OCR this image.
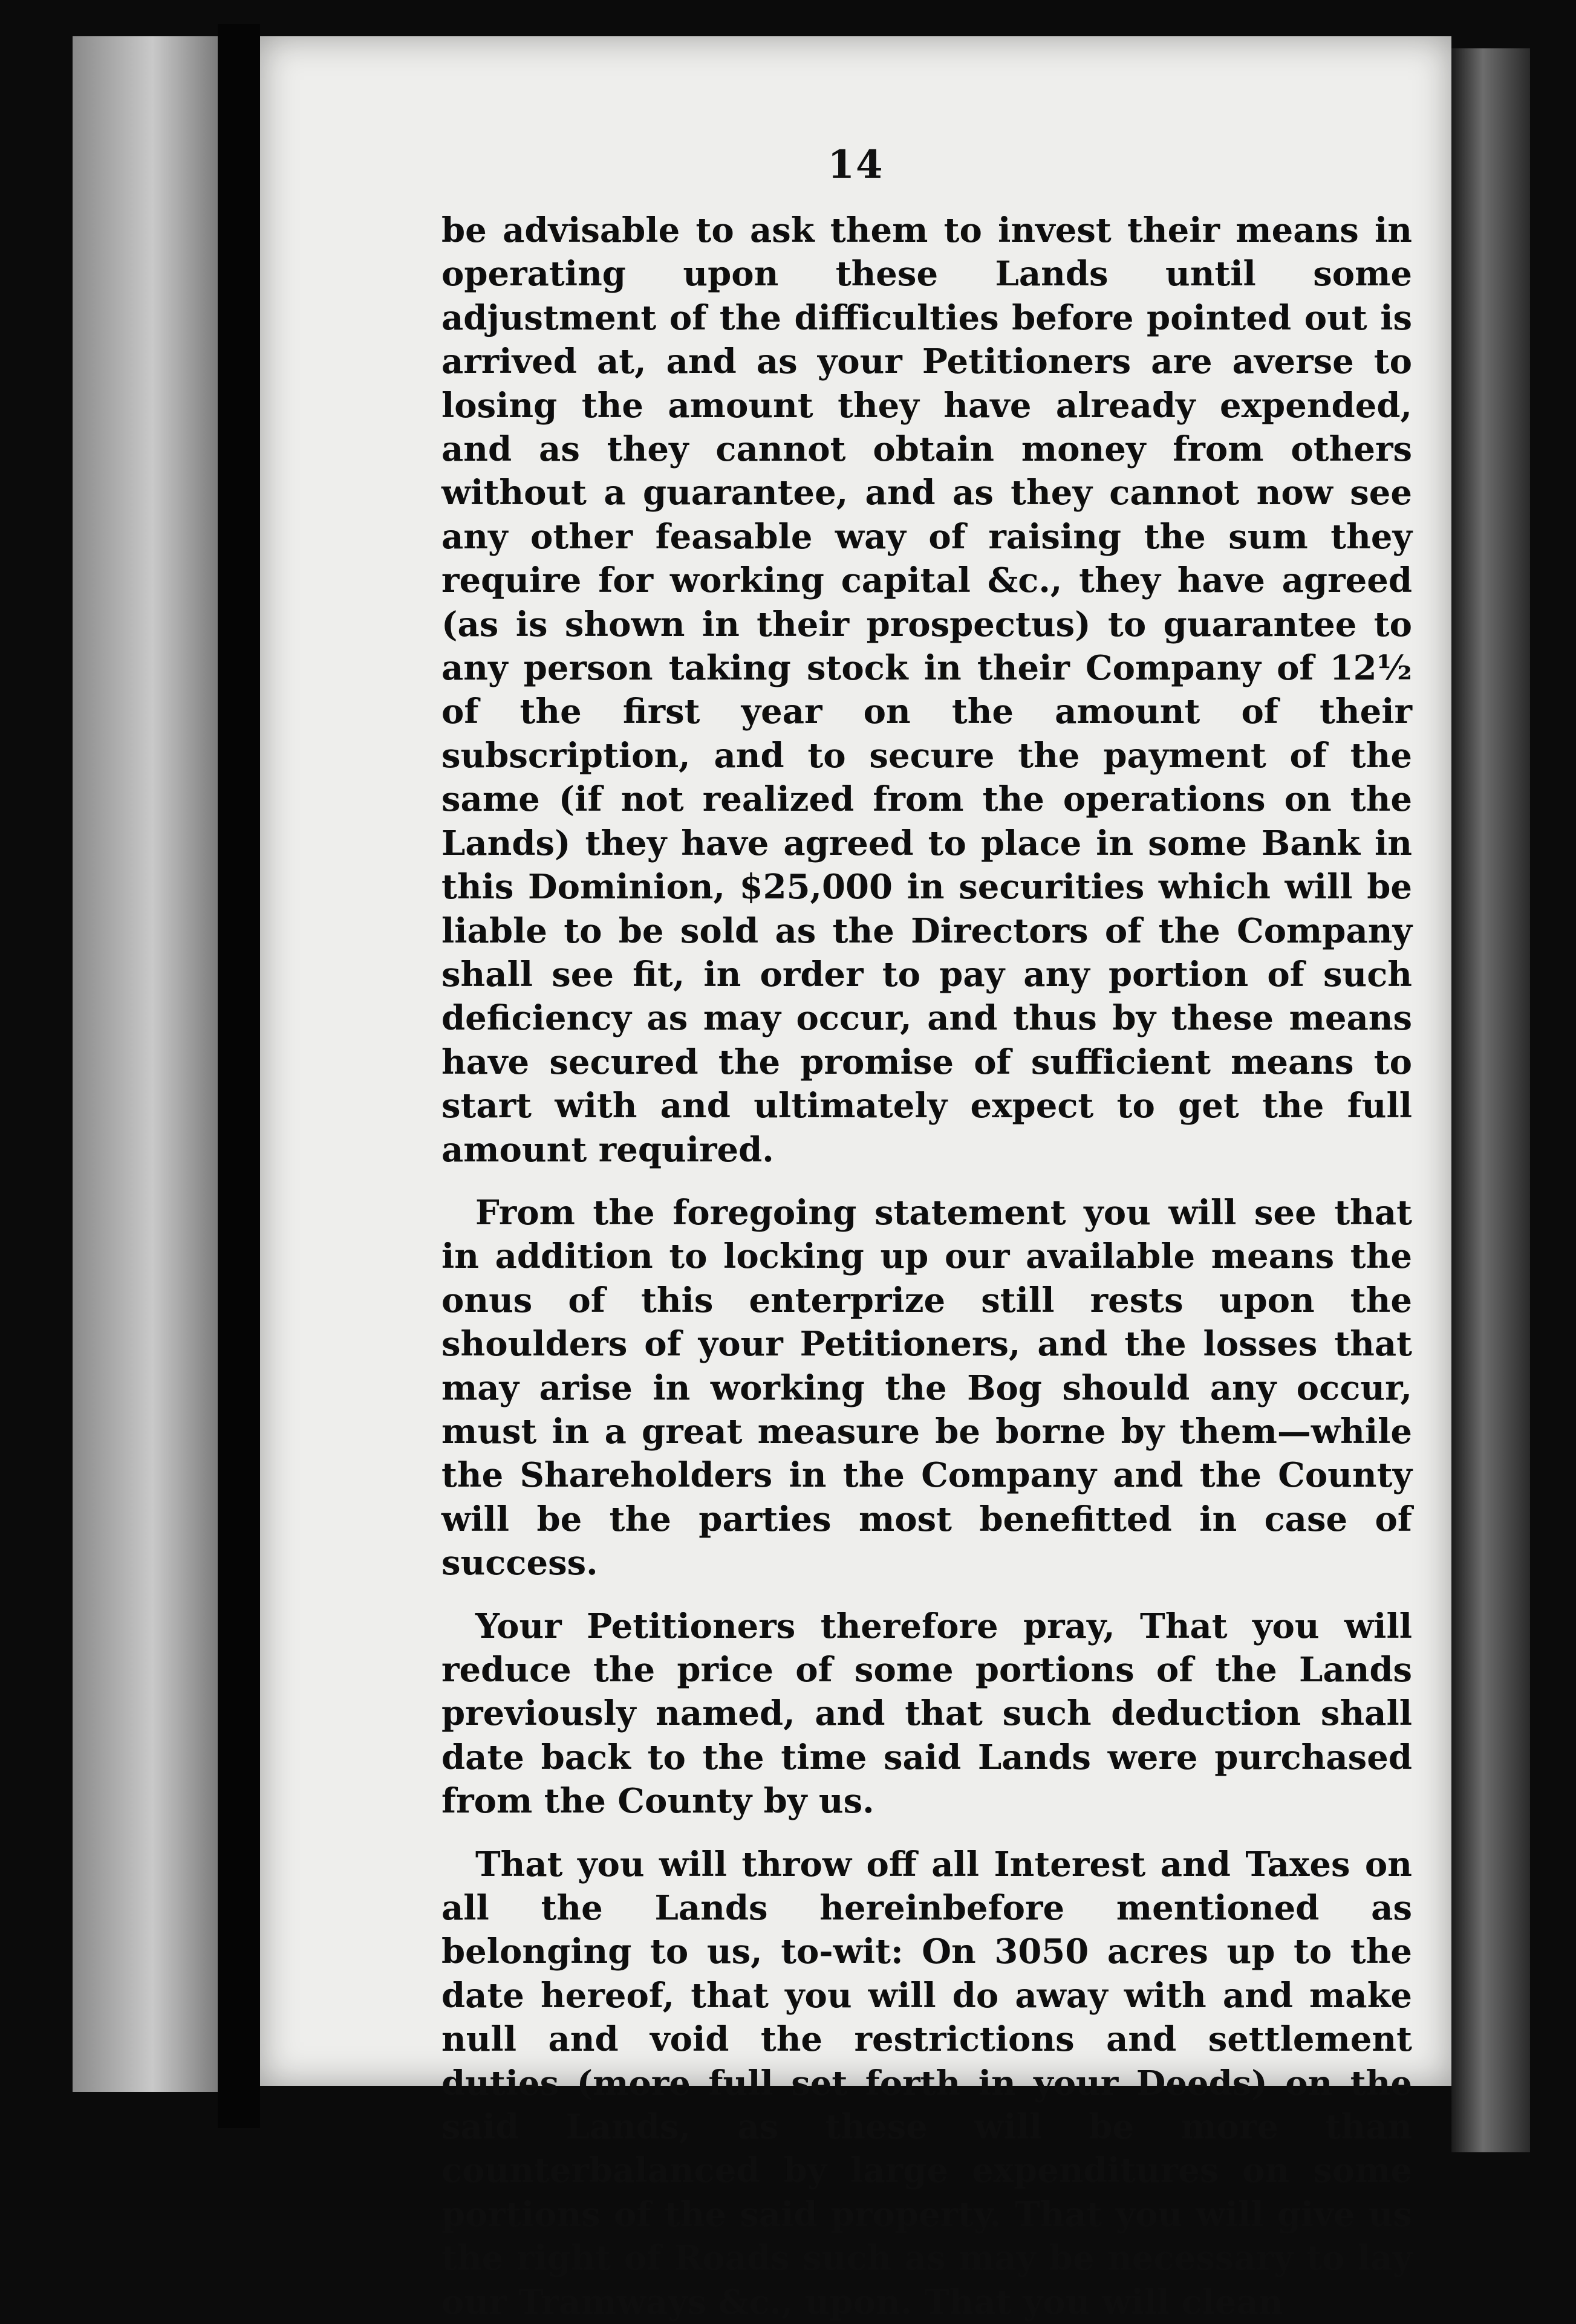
14

be advisable to ask them to invest their means in operating upon these Lands until some adjustment of the difficulties before pointed out is arrived at, and as your Petitioners are averse to losing the amount they have already expended, and as they cannot obtain money from others without a guarantee, and as they cannot now see any other feasable way of raising the sum they require for working capital &c., they have agreed (as is shown in their prospectus) to guarantee to any person taking stock in their Company of 12½ of the first year on the amount of their subscription, and to secure the payment of the same (if not realized from the operations on the Lands) they have agreed to place in some Bank in this Dominion, $25,000 in securities which will be liable to be sold as the Directors of the Company shall see fit, in order to pay any portion of such deficiency as may occur, and thus by these means have secured the promise of sufficient means to start with and ultimately expect to get the full amount required.

From the foregoing statement you will see that in addition to locking up our available means the onus of this enterprize still rests upon the shoulders of your Petitioners, and the losses that may arise in working the Bog should any occur, must in a great measure be borne by them—while the Shareholders in the Company and the County will be the parties most benefitted in case of success.

Your Petitioners therefore pray, That you will reduce the price of some portions of the Lands previously named, and that such deduction shall date back to the time said Lands were purchased from the County by us.

That you will throw off all Interest and Taxes on all the Lands hereinbefore mentioned as belonging to us, to-wit: On 3050 acres up to the date hereof, that you will do away with and make null and void the restrictions and settlement duties (more full set forth in your Deeds) on the said Lands, as these will be more than counterbalanced by large expenditures on some portions of the said property. That you will give us the right of Roads such as may be necessary to lay our Tramways &c., upon. That you will clean
